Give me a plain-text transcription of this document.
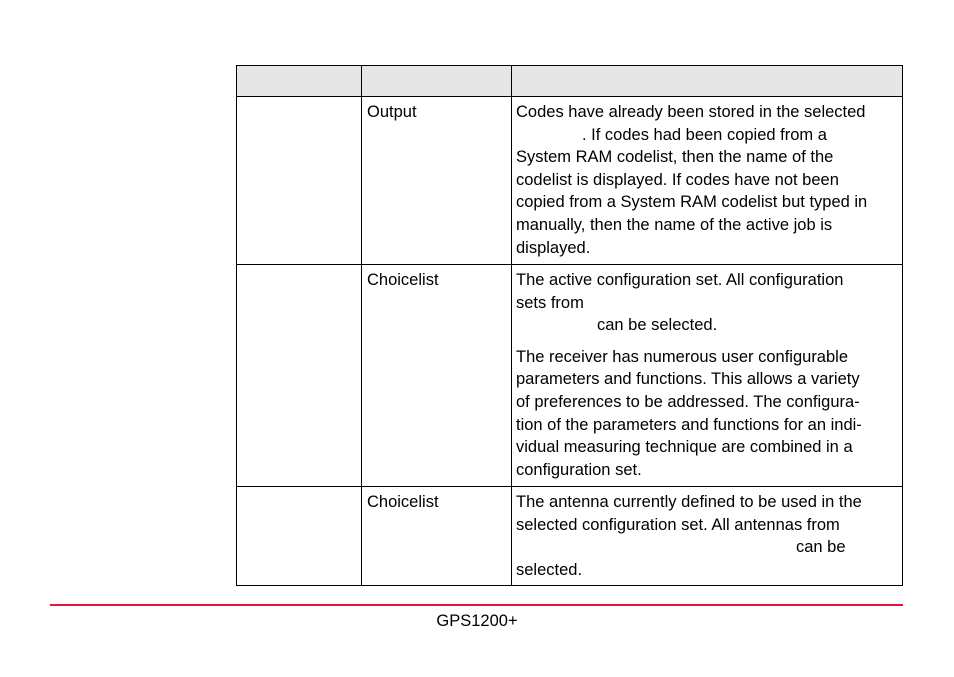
Output	Codes have already been stored in the selected
. If codes had been copied from a
System RAM codelist, then the name of the
codelist is displayed. If codes have not been
copied from a System RAM codelist but typed in
manually, then the name of the active job is
displayed.

Choicelist	The active configuration set. All configuration
sets from
can be selected.

The receiver has numerous user configurable
parameters and functions. This allows a variety
of preferences to be addressed. The configura-
tion of the parameters and functions for an indi-
vidual measuring technique are combined in a
configuration set.

Choicelist	The antenna currently defined to be used in the
selected configuration set. All antennas from
can be
selected.

GPS1200+
